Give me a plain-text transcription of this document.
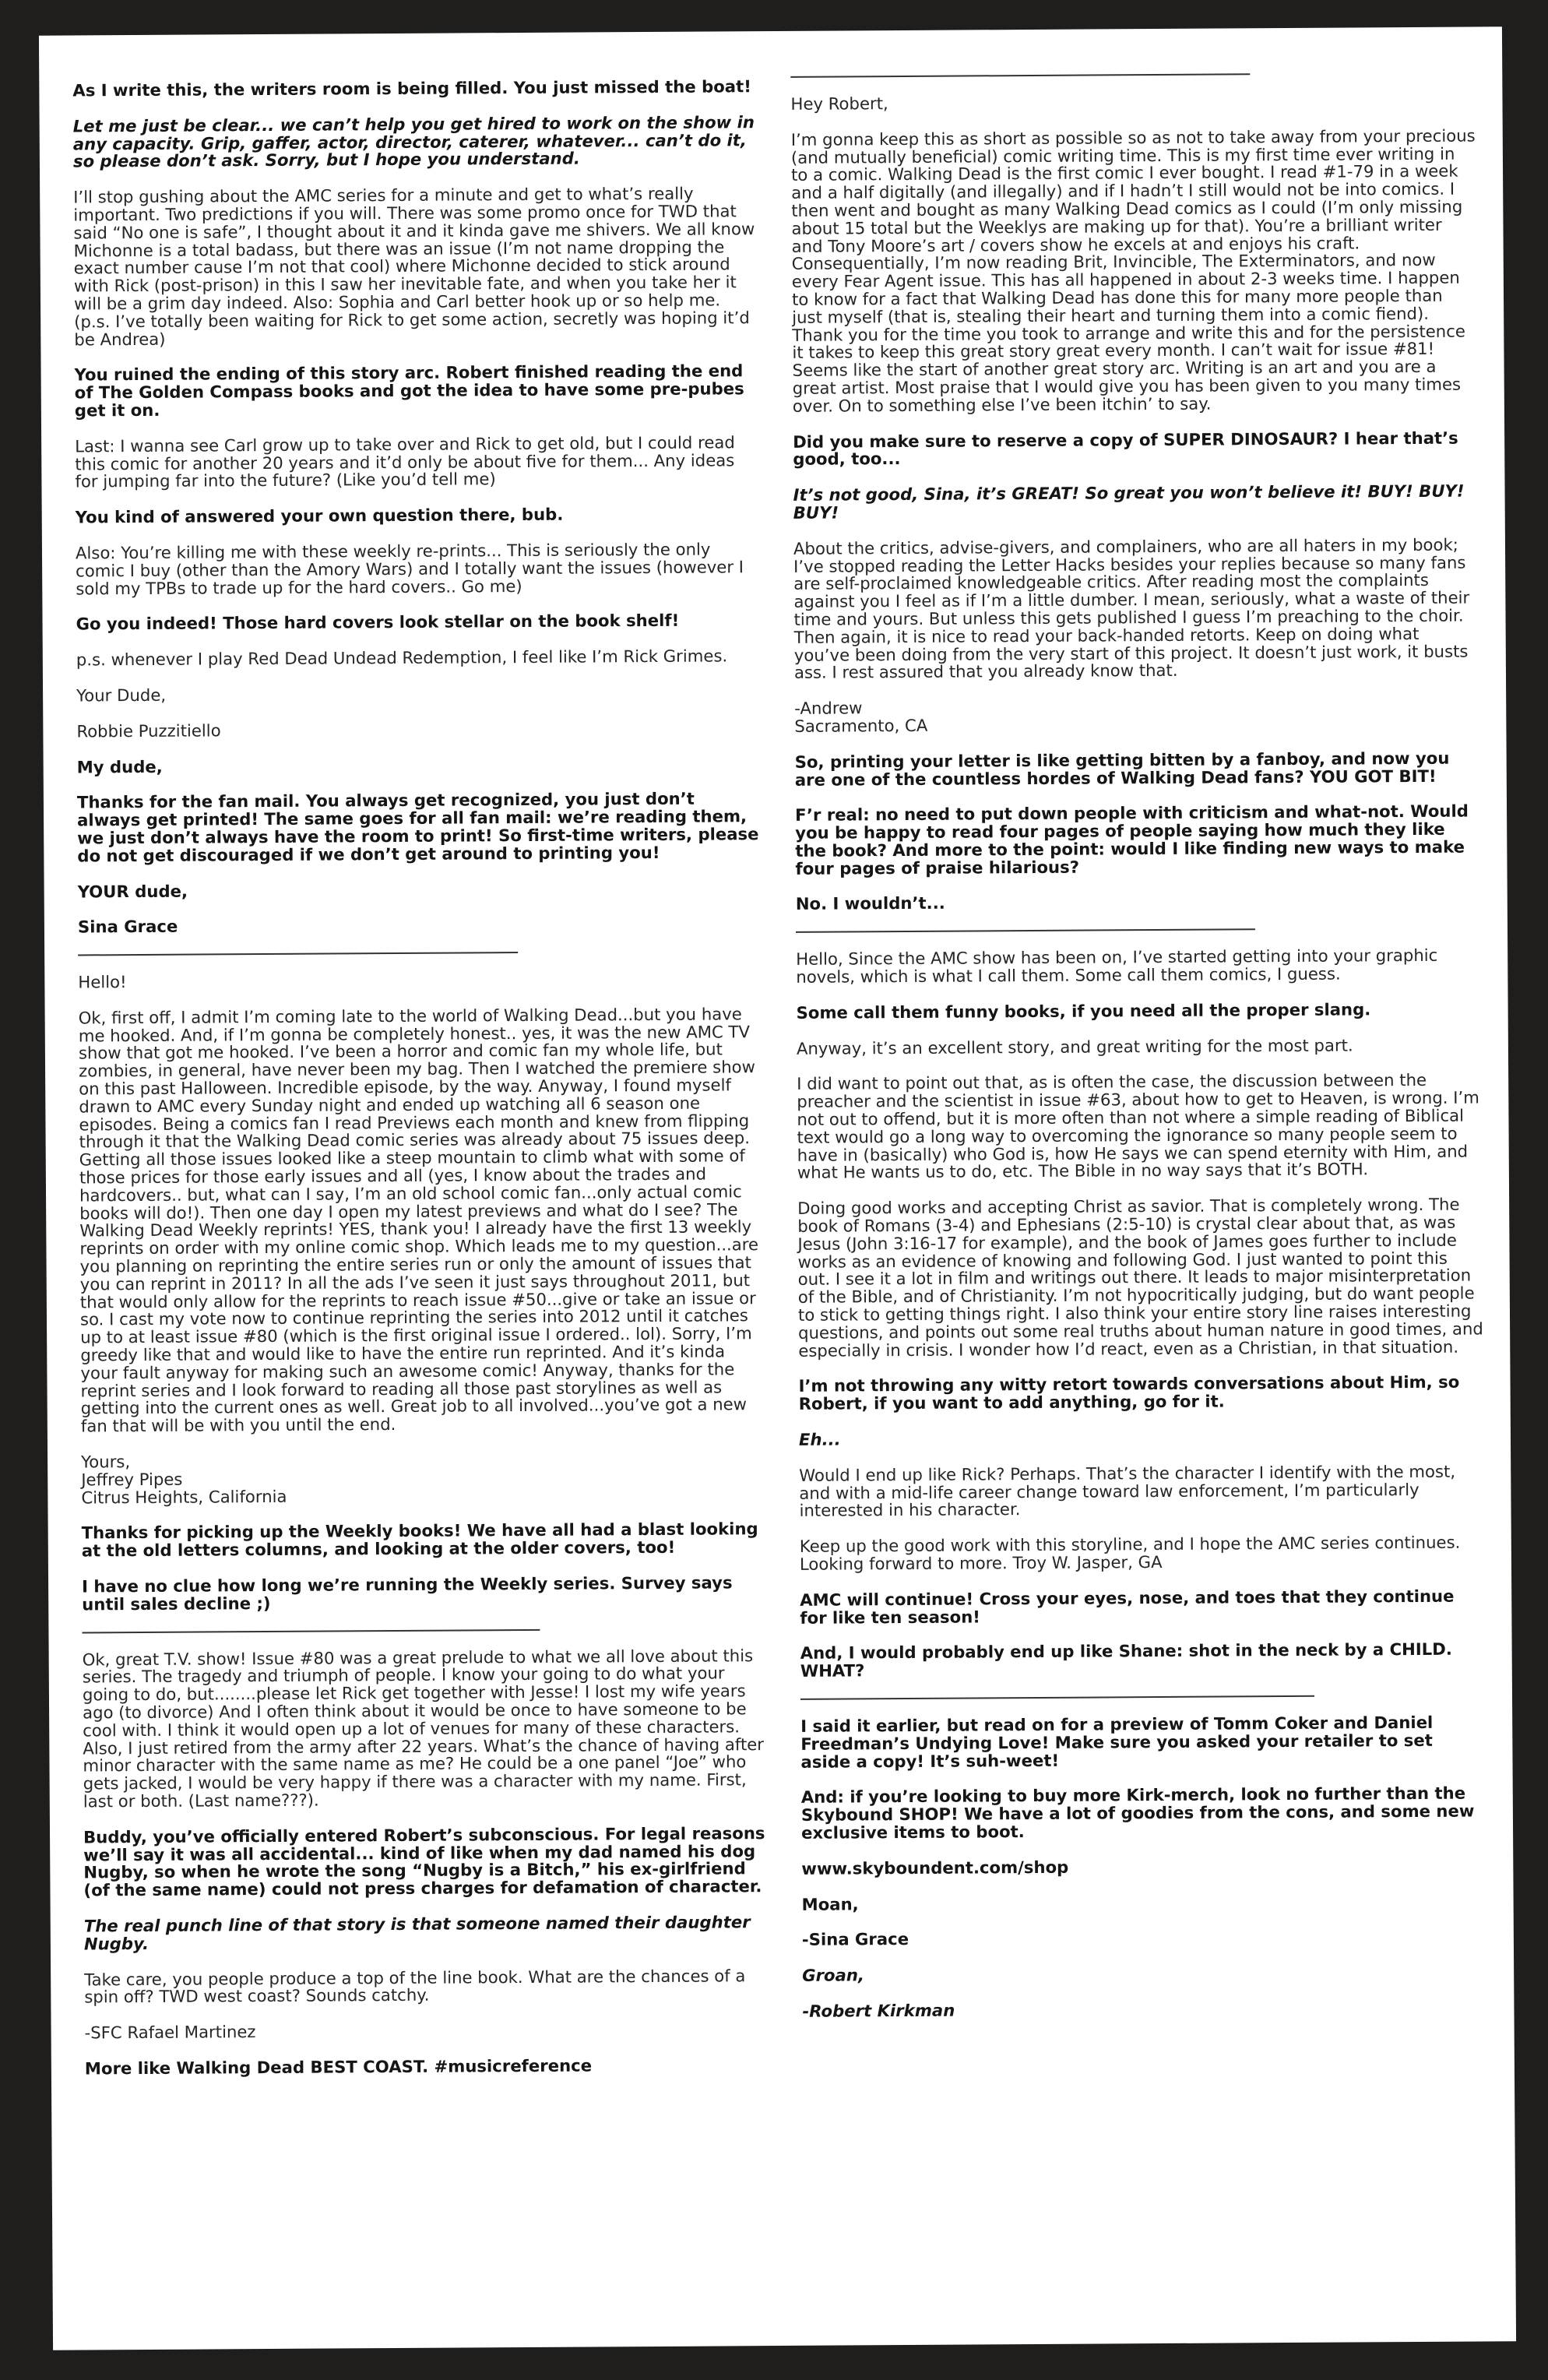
As I write this, the writers room is being filled. You just missed the boat!
Let me just be clear... we can’t help you get hired to work on the show in any capacity. Grip, gaffer, actor, director, caterer, whatever... can’t do it, so please don’t ask. Sorry, but I hope you understand.
I’ll stop gushing about the AMC series for a minute and get to what’s really important. Two predictions if you will. There was some promo once for TWD that said “No one is safe”, I thought about it and it kinda gave me shivers. We all know Michonne is a total badass, but there was an issue (I’m not name dropping the exact number cause I’m not that cool) where Michonne decided to stick around with Rick (post-prison) in this I saw her inevitable fate, and when you take her it will be a grim day indeed. Also: Sophia and Carl better hook up or so help me. (p.s. I’ve totally been waiting for Rick to get some action, secretly was hoping it’d be Andrea)
You ruined the ending of this story arc. Robert finished reading the end of The Golden Compass books and got the idea to have some pre-pubes get it on.
Last: I wanna see Carl grow up to take over and Rick to get old, but I could read this comic for another 20 years and it’d only be about five for them... Any ideas for jumping far into the future? (Like you’d tell me)
You kind of answered your own question there, bub.
Also: You’re killing me with these weekly re-prints... This is seriously the only comic I buy (other than the Amory Wars) and I totally want the issues (however I sold my TPBs to trade up for the hard covers.. Go me)
Go you indeed! Those hard covers look stellar on the book shelf!
p.s. whenever I play Red Dead Undead Redemption, I feel like I’m Rick Grimes.
Your Dude,
Robbie Puzzitiello
My dude,
Thanks for the fan mail. You always get recognized, you just don’t always get printed! The same goes for all fan mail: we’re reading them, we just don’t always have the room to print! So first-time writers, please do not get discouraged if we don’t get around to printing you!
YOUR dude,
Sina Grace
Hello!
Ok, first off, I admit I’m coming late to the world of Walking Dead...but you have me hooked. And, if I’m gonna be completely honest.. yes, it was the new AMC TV show that got me hooked. I’ve been a horror and comic fan my whole life, but zombies, in general, have never been my bag. Then I watched the premiere show on this past Halloween. Incredible episode, by the way. Anyway, I found myself drawn to AMC every Sunday night and ended up watching all 6 season one episodes. Being a comics fan I read Previews each month and knew from flipping through it that the Walking Dead comic series was already about 75 issues deep. Getting all those issues looked like a steep mountain to climb what with some of those prices for those early issues and all (yes, I know about the trades and hardcovers.. but, what can I say, I’m an old school comic fan...only actual comic books will do!). Then one day I open my latest previews and what do I see? The Walking Dead Weekly reprints! YES, thank you! I already have the first 13 weekly reprints on order with my online comic shop. Which leads me to my question...are you planning on reprinting the entire series run or only the amount of issues that you can reprint in 2011? In all the ads I’ve seen it just says throughout 2011, but that would only allow for the reprints to reach issue #50...give or take an issue or so. I cast my vote now to continue reprinting the series into 2012 until it catches up to at least issue #80 (which is the first original issue I ordered.. lol). Sorry, I’m greedy like that and would like to have the entire run reprinted. And it’s kinda your fault anyway for making such an awesome comic! Anyway, thanks for the reprint series and I look forward to reading all those past storylines as well as getting into the current ones as well. Great job to all involved...you’ve got a new fan that will be with you until the end.
Yours,
Jeffrey Pipes
Citrus Heights, California
Thanks for picking up the Weekly books! We have all had a blast looking at the old letters columns, and looking at the older covers, too!
I have no clue how long we’re running the Weekly series. Survey says until sales decline ;)
Ok, great T.V. show! Issue #80 was a great prelude to what we all love about this series. The tragedy and triumph of people. I know your going to do what your going to do, but........please let Rick get together with Jesse! I lost my wife years ago (to divorce) And I often think about it would be once to have someone to be cool with. I think it would open up a lot of venues for many of these characters. Also, I just retired from the army after 22 years. What’s the chance of having after minor character with the same name as me? He could be a one panel “Joe” who gets jacked, I would be very happy if there was a character with my name. First, last or both. (Last name???).
Buddy, you’ve officially entered Robert’s subconscious. For legal reasons we’ll say it was all accidental... kind of like when my dad named his dog Nugby, so when he wrote the song “Nugby is a Bitch,” his ex-girlfriend (of the same name) could not press charges for defamation of character.
The real punch line of that story is that someone named their daughter Nugby.
Take care, you people produce a top of the line book. What are the chances of a spin off? TWD west coast? Sounds catchy.
-SFC Rafael Martinez
More like Walking Dead BEST COAST. #musicreference
Hey Robert,
I’m gonna keep this as short as possible so as not to take away from your precious (and mutually beneficial) comic writing time. This is my first time ever writing in to a comic. Walking Dead is the first comic I ever bought. I read #1-79 in a week and a half digitally (and illegally) and if I hadn’t I still would not be into comics. I then went and bought as many Walking Dead comics as I could (I’m only missing about 15 total but the Weeklys are making up for that). You’re a brilliant writer and Tony Moore’s art / covers show he excels at and enjoys his craft. Consequentially, I’m now reading Brit, Invincible, The Exterminators, and now every Fear Agent issue. This has all happened in about 2-3 weeks time. I happen to know for a fact that Walking Dead has done this for many more people than just myself (that is, stealing their heart and turning them into a comic fiend). Thank you for the time you took to arrange and write this and for the persistence it takes to keep this great story great every month. I can’t wait for issue #81! Seems like the start of another great story arc. Writing is an art and you are a great artist. Most praise that I would give you has been given to you many times over. On to something else I’ve been itchin’ to say.
Did you make sure to reserve a copy of SUPER DINOSAUR? I hear that’s good, too...
It’s not good, Sina, it’s GREAT! So great you won’t believe it! BUY! BUY! BUY!
About the critics, advise-givers, and complainers, who are all haters in my book; I’ve stopped reading the Letter Hacks besides your replies because so many fans are self-proclaimed knowledgeable critics. After reading most the complaints against you I feel as if I’m a little dumber. I mean, seriously, what a waste of their time and yours. But unless this gets published I guess I’m preaching to the choir. Then again, it is nice to read your back-handed retorts. Keep on doing what you’ve been doing from the very start of this project. It doesn’t just work, it busts ass. I rest assured that you already know that.
-Andrew
Sacramento, CA
So, printing your letter is like getting bitten by a fanboy, and now you are one of the countless hordes of Walking Dead fans? YOU GOT BIT!
F’r real: no need to put down people with criticism and what-not. Would you be happy to read four pages of people saying how much they like the book? And more to the point: would I like finding new ways to make four pages of praise hilarious?
No. I wouldn’t...
Hello, Since the AMC show has been on, I’ve started getting into your graphic novels, which is what I call them. Some call them comics, I guess.
Some call them funny books, if you need all the proper slang.
Anyway, it’s an excellent story, and great writing for the most part.
I did want to point out that, as is often the case, the discussion between the preacher and the scientist in issue #63, about how to get to Heaven, is wrong. I’m not out to offend, but it is more often than not where a simple reading of Biblical text would go a long way to overcoming the ignorance so many people seem to have in (basically) who God is, how He says we can spend eternity with Him, and what He wants us to do, etc. The Bible in no way says that it’s BOTH.
Doing good works and accepting Christ as savior. That is completely wrong. The book of Romans (3-4) and Ephesians (2:5-10) is crystal clear about that, as was Jesus (John 3:16-17 for example), and the book of James goes further to include works as an evidence of knowing and following God. I just wanted to point this out. I see it a lot in film and writings out there. It leads to major misinterpretation of the Bible, and of Christianity. I’m not hypocritically judging, but do want people to stick to getting things right. I also think your entire story line raises interesting questions, and points out some real truths about human nature in good times, and especially in crisis. I wonder how I’d react, even as a Christian, in that situation.
I’m not throwing any witty retort towards conversations about Him, so Robert, if you want to add anything, go for it.
Eh...
Would I end up like Rick? Perhaps. That’s the character I identify with the most, and with a mid-life career change toward law enforcement, I’m particularly interested in his character.
Keep up the good work with this storyline, and I hope the AMC series continues. Looking forward to more. Troy W. Jasper, GA
AMC will continue! Cross your eyes, nose, and toes that they continue for like ten season!
And, I would probably end up like Shane: shot in the neck by a CHILD. WHAT?
I said it earlier, but read on for a preview of Tomm Coker and Daniel Freedman’s Undying Love! Make sure you asked your retailer to set aside a copy! It’s suh-weet!
And: if you’re looking to buy more Kirk-merch, look no further than the Skybound SHOP! We have a lot of goodies from the cons, and some new exclusive items to boot.
www.skyboundent.com/shop
Moan,
-Sina Grace
Groan,
-Robert Kirkman
